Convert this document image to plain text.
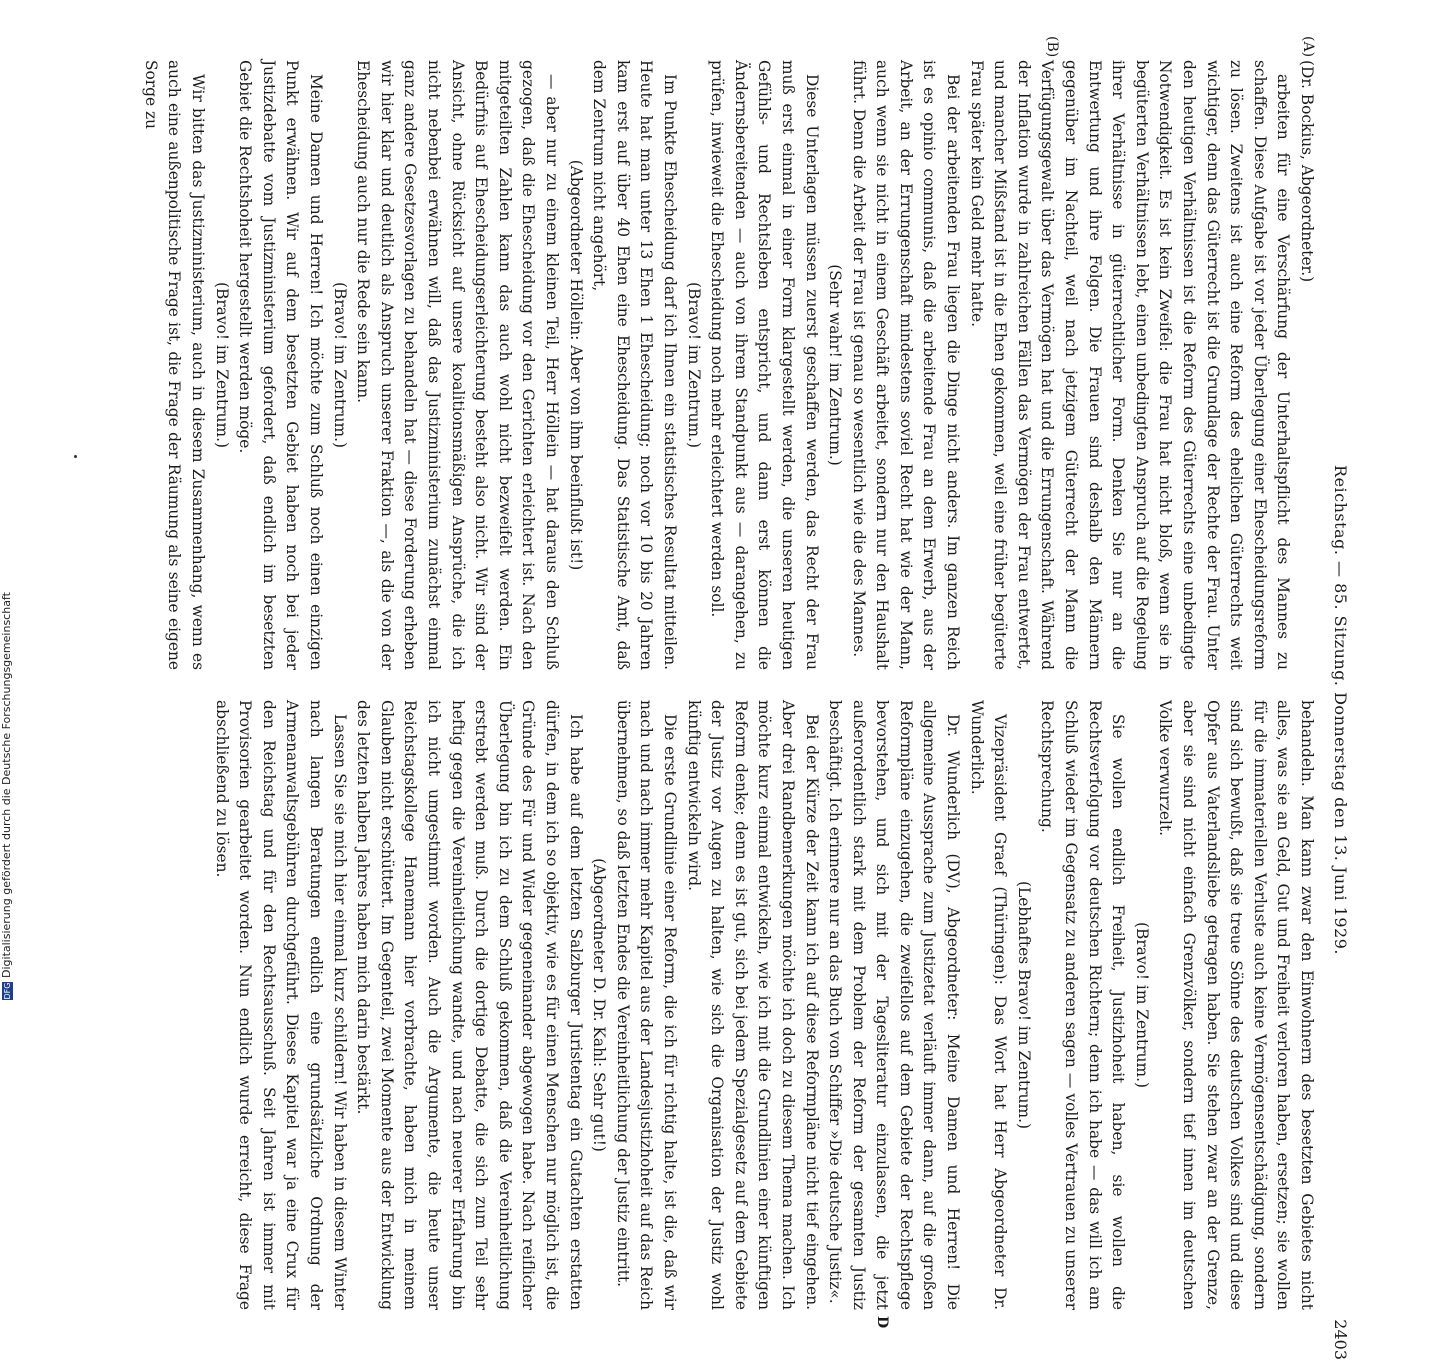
Reichstag. — 85. Sitzung. Donnerstag den 13. Juni 1929.
2403
(A)
(B)
D

(Dr. Bockius, Abgeordneter.)

arbeiten für eine Verschärfung der Unterhaltspflicht des Mannes zu schaffen. Diese Aufgabe ist vor jeder Überlegung einer Ehescheidungsreform zu lösen. Zweitens ist auch eine Reform des ehelichen Güterrechts weit wichtiger, denn das Güterrecht ist die Grundlage der Rechte der Frau. Unter den heutigen Verhältnissen ist die Reform des Güterrechts eine unbedingte Notwendigkeit. Es ist kein Zweifel: die Frau hat nicht bloß, wenn sie in begüterten Verhältnissen lebt, einen unbedingten Anspruch auf die Regelung ihrer Verhältnisse in güterrechtlicher Form. Denken Sie nur an die Entwertung und ihre Folgen. Die Frauen sind deshalb den Männern gegenüber im Nachteil, weil nach jetzigem Güterrecht der Mann die Verfügungsgewalt über das Vermögen hat und die Errungenschaft. Während der Inflation wurde in zahlreichen Fällen das Vermögen der Frau entwertet, und mancher Mißstand ist in die Ehen gekommen, weil eine früher begüterte Frau später kein Geld mehr hatte.

Bei der arbeitenden Frau liegen die Dinge nicht anders. Im ganzen Reich ist es opinio communis, daß die arbeitende Frau an dem Erwerb, aus der Arbeit, an der Errungenschaft mindestens soviel Recht hat wie der Mann, auch wenn sie nicht in einem Geschäft arbeitet, sondern nur den Haushalt führt. Denn die Arbeit der Frau ist genau so wesentlich wie die des Mannes.

(Sehr wahr! im Zentrum.)

Diese Unterlagen müssen zuerst geschaffen werden, das Recht der Frau muß erst einmal in einer Form klargestellt werden, die unseren heutigen Gefühls- und Rechtsleben entspricht, und dann erst können die Ändernsbereitenden — auch von ihrem Standpunkt aus — darangehen, zu prüfen, inwieweit die Ehescheidung noch mehr erleichtert werden soll.

(Bravo! im Zentrum.)

Im Punkte Ehescheidung darf ich Ihnen ein statistisches Resultat mitteilen. Heute hat man unter 13 Ehen 1 Ehescheidung; noch vor 10 bis 20 Jahren kam erst auf über 40 Ehen eine Ehescheidung. Das Statistische Amt, daß dem Zentrum nicht angehört,

(Abgeordneter Höllein: Aber von ihm beeinflußt ist!)

— aber nur zu einem kleinen Teil, Herr Höllein — hat daraus den Schluß gezogen, daß die Ehescheidung vor den Gerichten erleichtert ist. Nach den mitgeteilten Zahlen kann das auch wohl nicht bezweifelt werden. Ein Bedürfnis auf Ehescheidungserleichterung besteht also nicht. Wir sind der Ansicht, ohne Rücksicht auf unsere koalitionsmäßigen Ansprüche, die ich nicht nebenbei erwähnen will, daß das Justizministerium zunächst einmal ganz andere Gesetzesvorlagen zu behandeln hat — diese Forderung erheben wir hier klar und deutlich als Anspruch unserer Fraktion —, als die von der Ehescheidung auch nur die Rede sein kann.

(Bravo! im Zentrum.)

Meine Damen und Herren! Ich möchte zum Schluß noch einen einzigen Punkt erwähnen. Wir auf dem besetzten Gebiet haben noch bei jeder Justizdebatte vom Justizministerium gefordert, daß endlich im besetzten Gebiet die Rechtshoheit hergestellt werden möge.

(Bravo! im Zentrum.)

Wir bitten das Justizministerium, auch in diesem Zusammenhang, wenn es auch eine außenpolitische Frage ist, die Frage der Räumung als seine eigene Sorge zu

behandeln. Man kann zwar den Einwohnern des besetzten Gebietes nicht alles, was sie an Geld, Gut und Freiheit verloren haben, ersetzen; sie wollen für die immateriellen Verluste auch keine Vermögensentschädigung, sondern sind sich bewußt, daß sie treue Söhne des deutschen Volkes sind und diese Opfer aus Vaterlandsliebe getragen haben. Sie stehen zwar an der Grenze, aber sie sind nicht einfach Grenzvölker, sondern tief innen im deutschen Volke verwurzelt.

(Bravo! im Zentrum.)

Sie wollen endlich Freiheit, Justizhoheit haben, sie wollen die Rechtsverfolgung vor deutschen Richtern; denn ich habe — das will ich am Schluß wieder im Gegensatz zu anderen sagen — volles Vertrauen zu unserer Rechtsprechung.

(Lebhaftes Bravo! im Zentrum.)

Vizepräsident Graef (Thüringen): Das Wort hat Herr Abgeordneter Dr. Wunderlich.

Dr. Wunderlich (DV), Abgeordneter: Meine Damen und Herren! Die allgemeine Aussprache zum Justizetat verläuft immer dann, auf die großen Reformpläne einzugehen, die zweifellos auf dem Gebiete der Rechtspflege bevorstehen, und sich mit der Tagesliteratur einzulassen, die jetzt außerordentlich stark mit dem Problem der Reform der gesamten Justiz beschäftigt. Ich erinnere nur an das Buch von Schiffer »Die deutsche Justiz«.

Bei der Kürze der Zeit kann ich auf diese Reformpläne nicht tief eingehen. Aber drei Randbemerkungen möchte ich doch zu diesem Thema machen. Ich möchte kurz einmal entwickeln, wie ich mit die Grundlinien einer künftigen Reform denke; denn es ist gut, sich bei jedem Spezialgesetz auf dem Gebiete der Justiz vor Augen zu halten, wie sich die Organisation der Justiz wohl künftig entwickeln wird.

Die erste Grundlinie einer Reform, die ich für richtig halte, ist die, daß wir nach und nach immer mehr Kapitel aus der Landesjustizhoheit auf das Reich übernehmen, so daß letzten Endes die Vereinheitlichung der Justiz eintritt.

(Abgeordneter D. Dr. Kahl: Sehr gut!)

Ich habe auf dem letzten Salzburger Juristentag ein Gutachten erstatten dürfen, in dem ich so objektiv, wie es für einen Menschen nur möglich ist, die Gründe des Für und Wider gegeneinander abgewogen habe. Nach reiflicher Überlegung bin ich zu dem Schluß gekommen, daß die Vereinheitlichung erstrebt werden muß. Durch die dortige Debatte, die sich zum Teil sehr heftig gegen die Vereinheitlichung wandte, und nach neuerer Erfahrung bin ich nicht umgestimmt worden. Auch die Argumente, die heute unser Reichstagskollege Hanemann hier vorbrachte, haben mich in meinem Glauben nicht erschüttert. Im Gegenteil, zwei Momente aus der Entwicklung des letzten halben Jahres haben mich darin bestärkt.

Lassen Sie sie mich hier einmal kurz schildern! Wir haben in diesem Winter nach langen Beratungen endlich eine grundsätzliche Ordnung der Armenanwaltsgebühren durchgeführt. Dieses Kapitel war ja eine Crux für den Reichstag und für den Rechtsausschuß. Seit Jahren ist immer mit Provisorien gearbeitet worden. Nun endlich wurde erreicht, diese Frage abschließend zu lösen.

DFGDigitalisierung gefördert durch die Deutsche Forschungsgemeinschaft
